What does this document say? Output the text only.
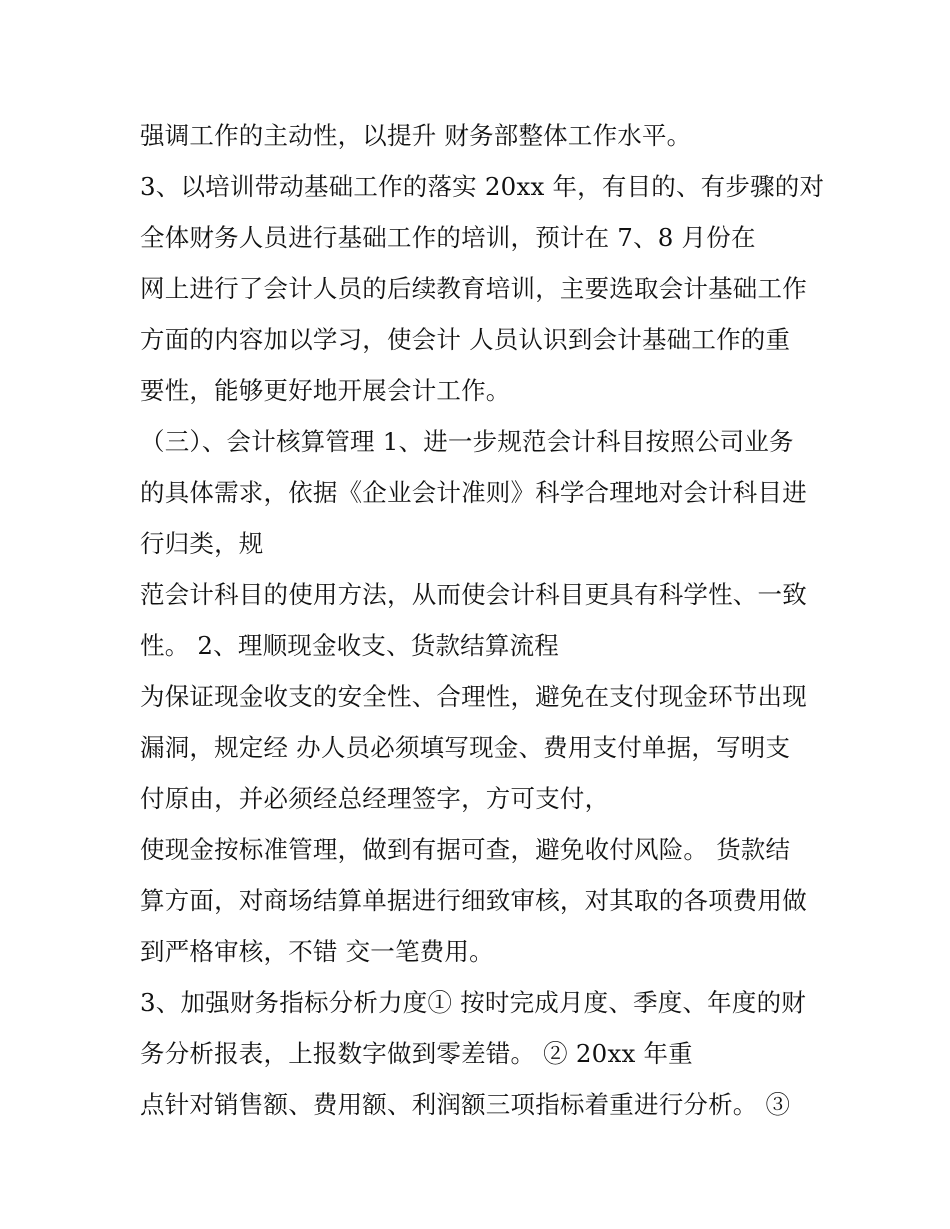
强调工作的主动性，以提升 财务部整体工作水平。
3、以培训带动基础工作的落实 20xx 年，有目的、有步骤的对
全体财务人员进行基础工作的培训，预计在 7、8 月份在
网上进行了会计人员的后续教育培训，主要选取会计基础工作
方面的内容加以学习，使会计 人员认识到会计基础工作的重
要性，能够更好地开展会计工作。
（三）、会计核算管理 1、进一步规范会计科目按照公司业务
的具体需求，依据《企业会计准则》科学合理地对会计科目进
行归类，规
范会计科目的使用方法，从而使会计科目更具有科学性、一致
性。 2、理顺现金收支、货款结算流程
为保证现金收支的安全性、合理性，避免在支付现金环节出现
漏洞，规定经 办人员必须填写现金、费用支付单据，写明支
付原由，并必须经总经理签字，方可支付，
使现金按标准管理，做到有据可查，避免收付风险。 货款结
算方面，对商场结算单据进行细致审核，对其取的各项费用做
到严格审核，不错 交一笔费用。
3、加强财务指标分析力度① 按时完成月度、季度、年度的财
务分析报表，上报数字做到零差错。 ② 20xx 年重
点针对销售额、费用额、利润额三项指标着重进行分析。 ③
